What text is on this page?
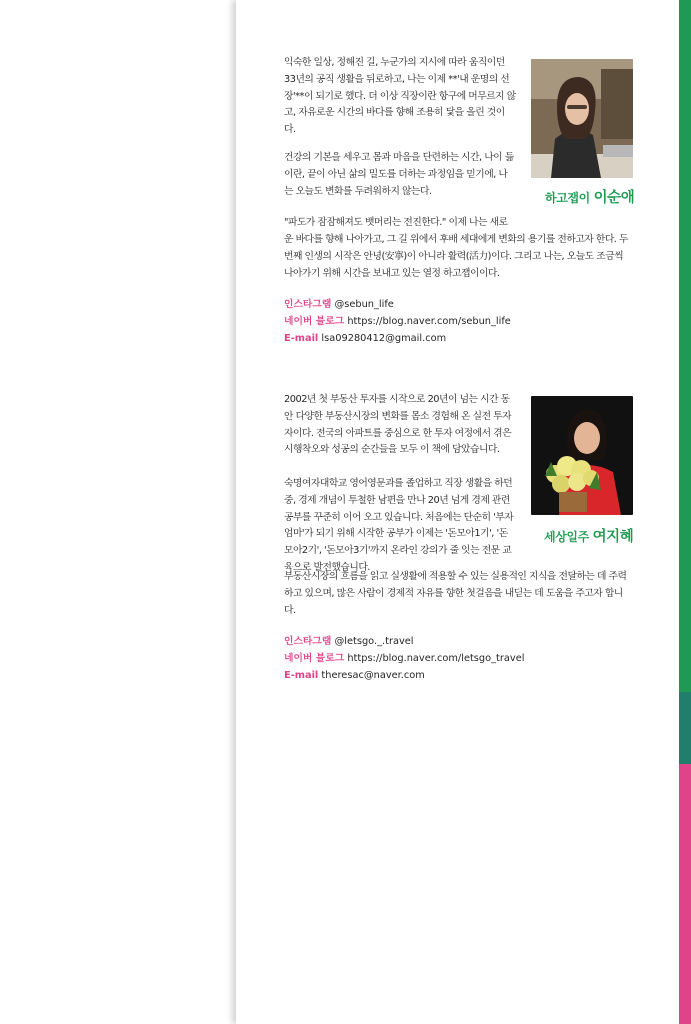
익숙한 일상, 정해진 길, 누군가의 지시에 따라 움직이던 33년의 공직 생활을 뒤로하고, 나는 이제 **'내 운명의 선장'**이 되기로 했다. 더 이상 직장이란 항구에 머무르지 않고, 자유로운 시간의 바다를 향해 조용히 닻을 올린 것이다.

건강의 기본을 세우고 몸과 마음을 단련하는 시간, 나이 듦이란, 끝이 아닌 삶의 밀도를 더하는 과정임을 믿기에, 나는 오늘도 변화를 두려워하지 않는다.	하고잽이 이순애

"파도가 잠잠해져도 뱃머리는 전진한다." 이제 나는 새로

운 바다를 향해 나아가고, 그 길 위에서 후배 세대에게 변화의 용기를 전하고자 한다. 두 번째 인생의 시작은 안녕(安寧)이 아니라 활력(活力)이다. 그리고 나는, 오늘도 조금씩 나아가기 위해 시간을 보내고 있는 열정 하고잽이이다.

인스타그램 @sebun_life
네이버 블로그 https://blog.naver.com/sebun_life
E-mail lsa09280412@gmail.com

2002년 첫 부동산 투자를 시작으로 20년이 넘는 시간 동안 다양한 부동산시장의 변화를 몸소 경험해 온 실전 투자자이다. 전국의 아파트를 중심으로 한 투자 여정에서 겪은 시행착오와 성공의 순간들을 모두 이 책에 담았습니다.

숙명여자대학교 영어영문과를 졸업하고 직장 생활을 하던 중, 경제 개념이 투철한 남편을 만나 20년 넘게 경제 관련 공부를 꾸준히 이어 오고 있습니다. 처음에는 단순히 '부자 엄마'가 되기 위해 시작한 공부가 이제는 '돈모아1기', '돈모아2기', '돈모아3기'까지 온라인 강의가 줄 잇는 전문 교육으로 발전했습니다.

세상일주 여지혜

부동산시장의 흐름을 읽고 실생활에 적용할 수 있는 실용적인 지식을 전달하는 데 주력하고 있으며, 많은 사람이 경제적 자유를 향한 첫걸음을 내딛는 데 도움을 주고자 합니다.

인스타그램 @letsgo._.travel
네이버 블로그 https://blog.naver.com/letsgo_travel
E-mail theresac@naver.com
